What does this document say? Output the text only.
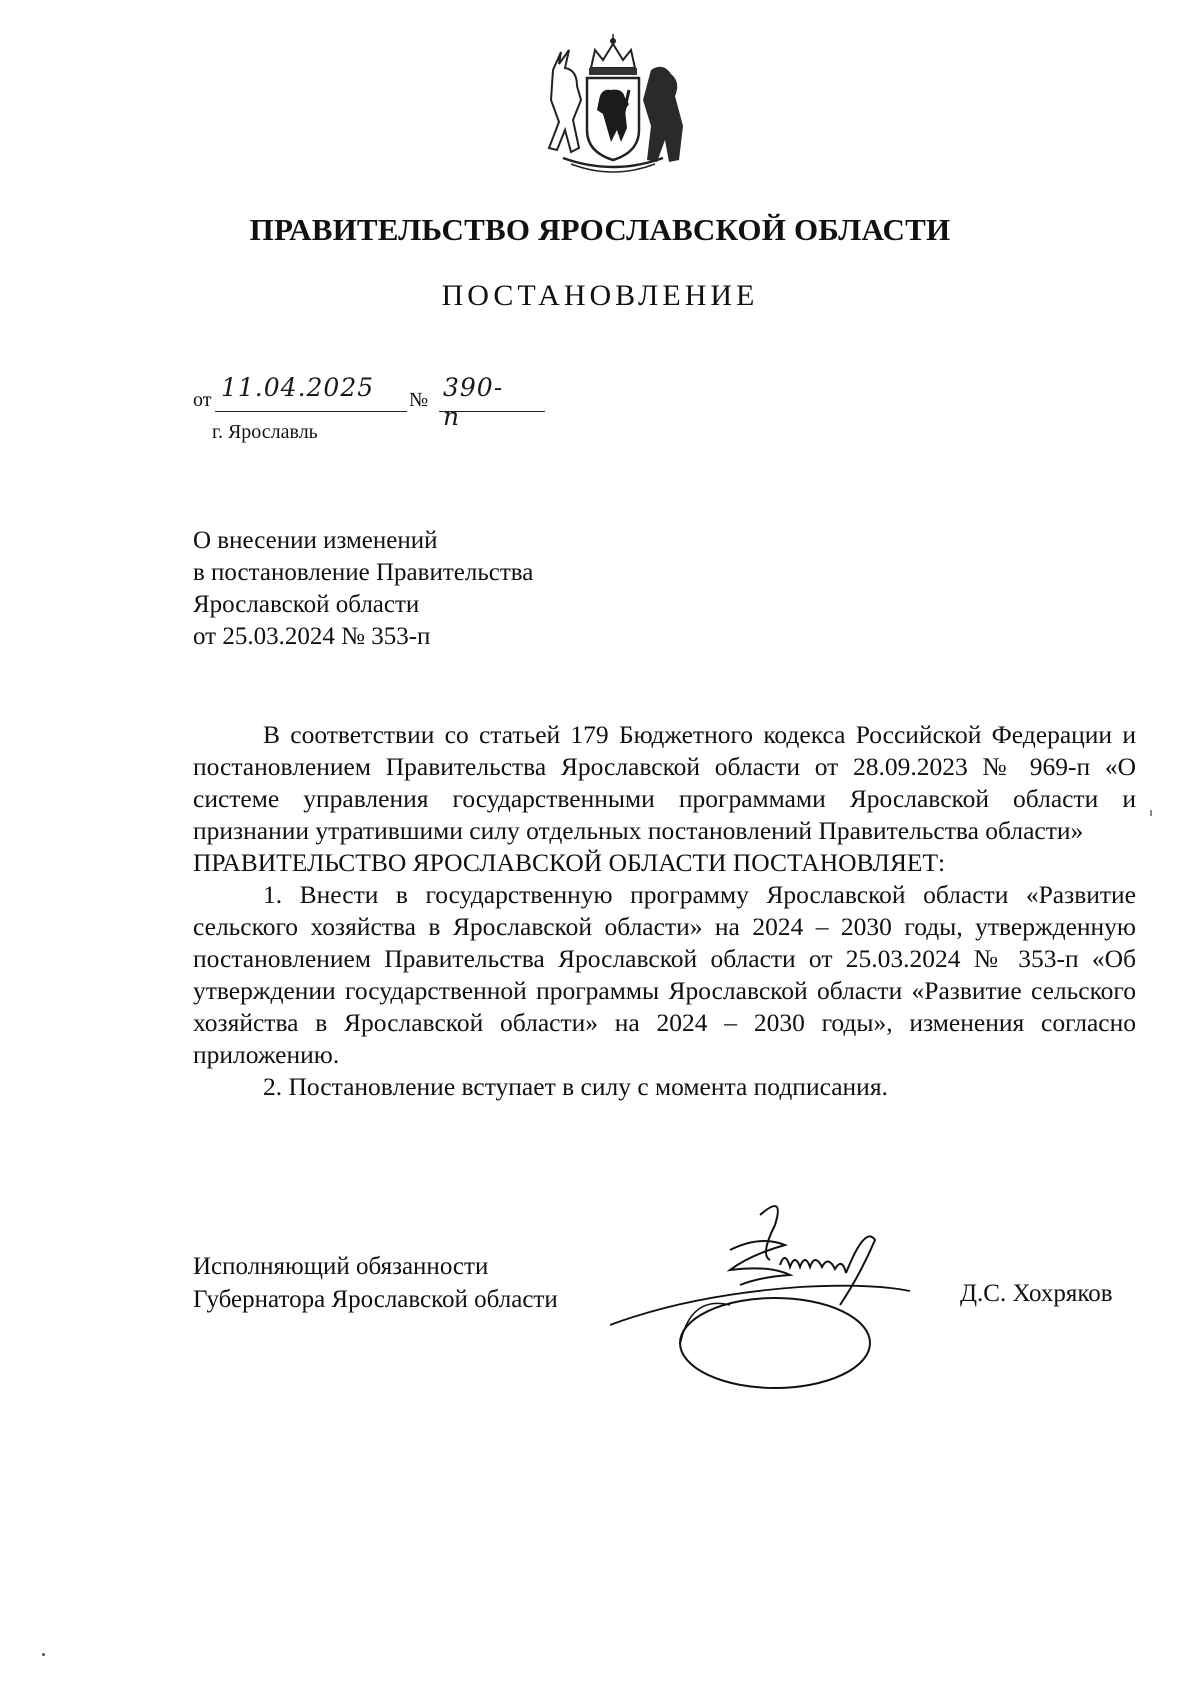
ПРАВИТЕЛЬСТВО ЯРОСЛАВСКОЙ ОБЛАСТИ
ПОСТАНОВЛЕНИЕ
от 11.04.2025 № 390-п
г. Ярославль
О внесении изменений
в постановление Правительства
Ярославской области
от 25.03.2024 № 353-п

В соответствии со статьей 179 Бюджетного кодекса Российской Федерации и постановлением Правительства Ярославской области от 28.09.2023 № 969-п «О системе управления государственными программами Ярославской области и признании утратившими силу отдельных постановлений Правительства области»

ПРАВИТЕЛЬСТВО ЯРОСЛАВСКОЙ ОБЛАСТИ ПОСТАНОВЛЯЕТ:

1. Внести в государственную программу Ярославской области «Развитие сельского хозяйства в Ярославской области» на 2024 – 2030 годы, утвержденную постановлением Правительства Ярославской области от 25.03.2024 № 353-п «Об утверждении государственной программы Ярославской области «Развитие сельского хозяйства в Ярославской области» на 2024 – 2030 годы», изменения согласно приложению.

2. Постановление вступает в силу с момента подписания.

Исполняющий обязанности
Губернатора Ярославской области	Д.С. Хохряков
